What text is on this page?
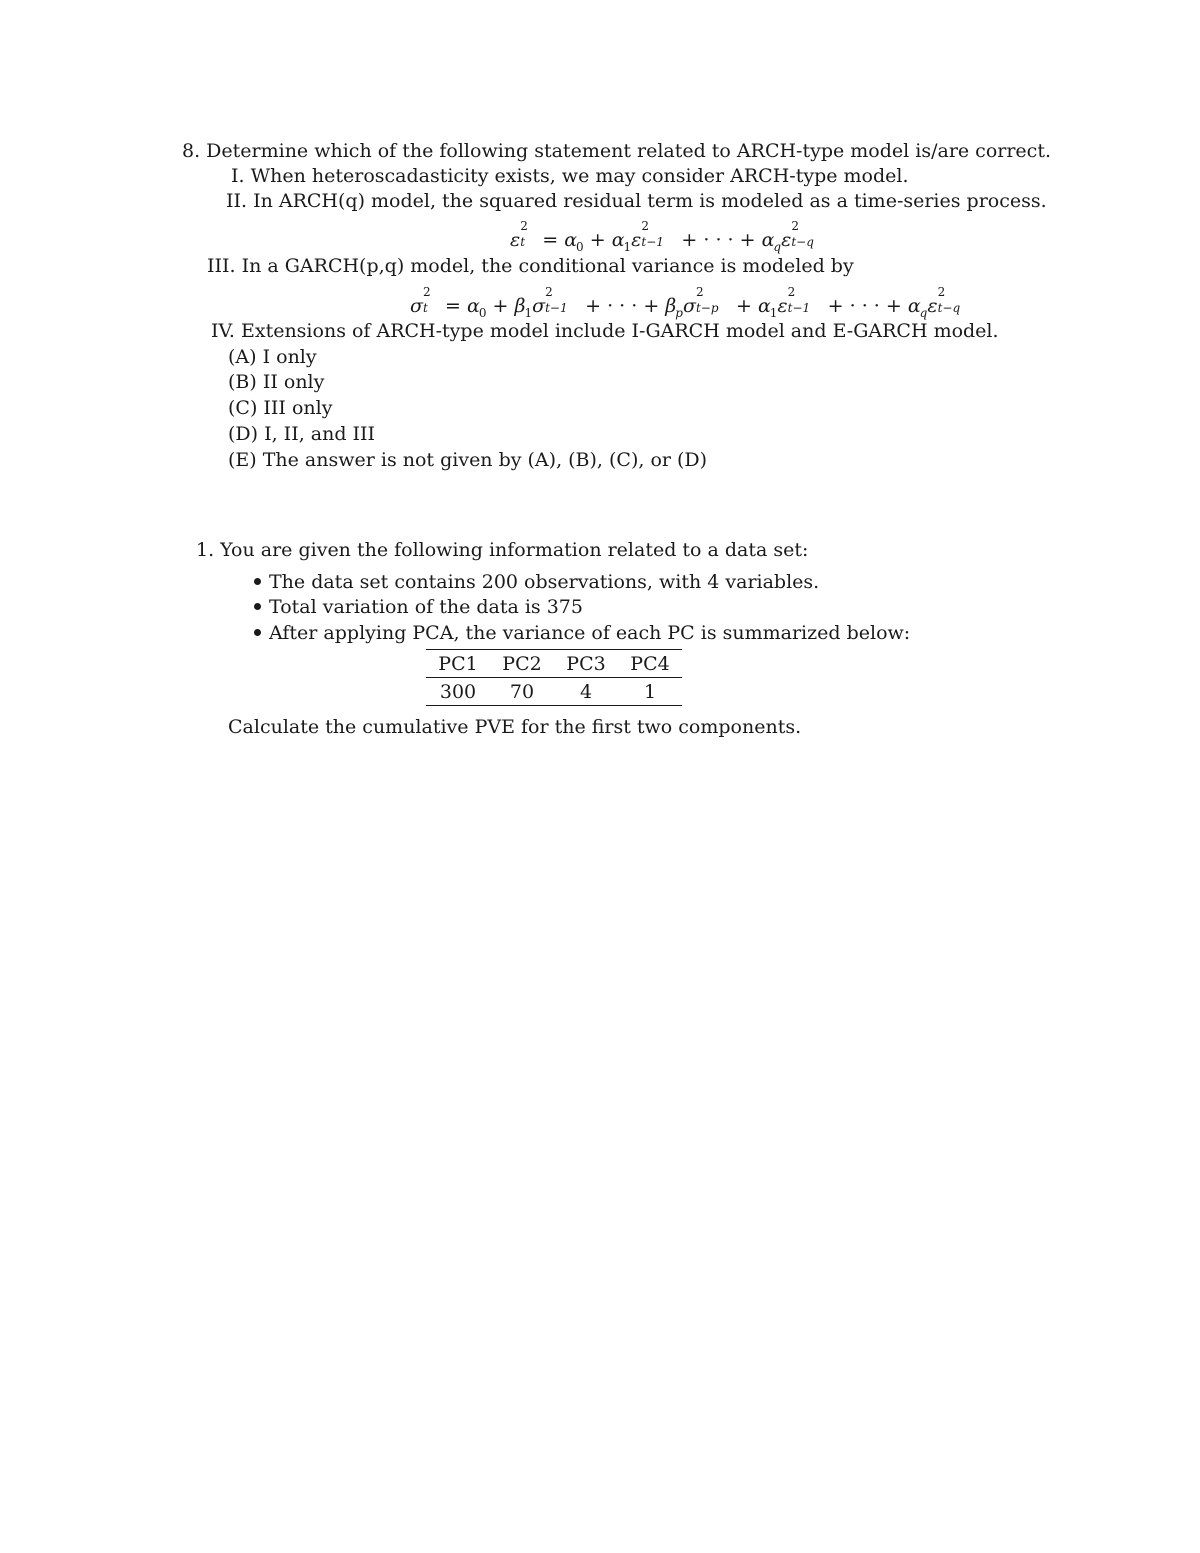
8. Determine which of the following statement related to ARCH-type model is/are correct.
I. When heteroscadasticity exists, we may consider ARCH-type model.
II. In ARCH(q) model, the squared residual term is modeled as a time-series process.
ε
2
$t = \alpha_0 + \alpha_1\varepsilon$
2
t−1 + · · · + $\alpha_q\varepsilon$
2
t−q
III. In a GARCH(p,q) model, the conditional variance is modeled by
σ
2
$t = \alpha_0 + \beta_1\sigma$
2
t−1 + · · · + $\beta_p\sigma$
2
$t-p + \alpha_1\varepsilon$
2
t−1 + · · · + $\alpha_q\varepsilon$
2
t−q
IV. Extensions of ARCH-type model include I-GARCH model and E-GARCH model.
(A) I only
(B) II only
(C) III only
(D) I, II, and III
(E) The answer is not given by (A), (B), (C), or (D)
1. You are given the following information related to a data set:
The data set contains 200 observations, with 4 variables.
Total variation of the data is 375
After applying PCA, the variance of each PC is summarized below:
PC1	PC2	PC3	PC4
300	70	4	1
Calculate the cumulative PVE for the first two components.
